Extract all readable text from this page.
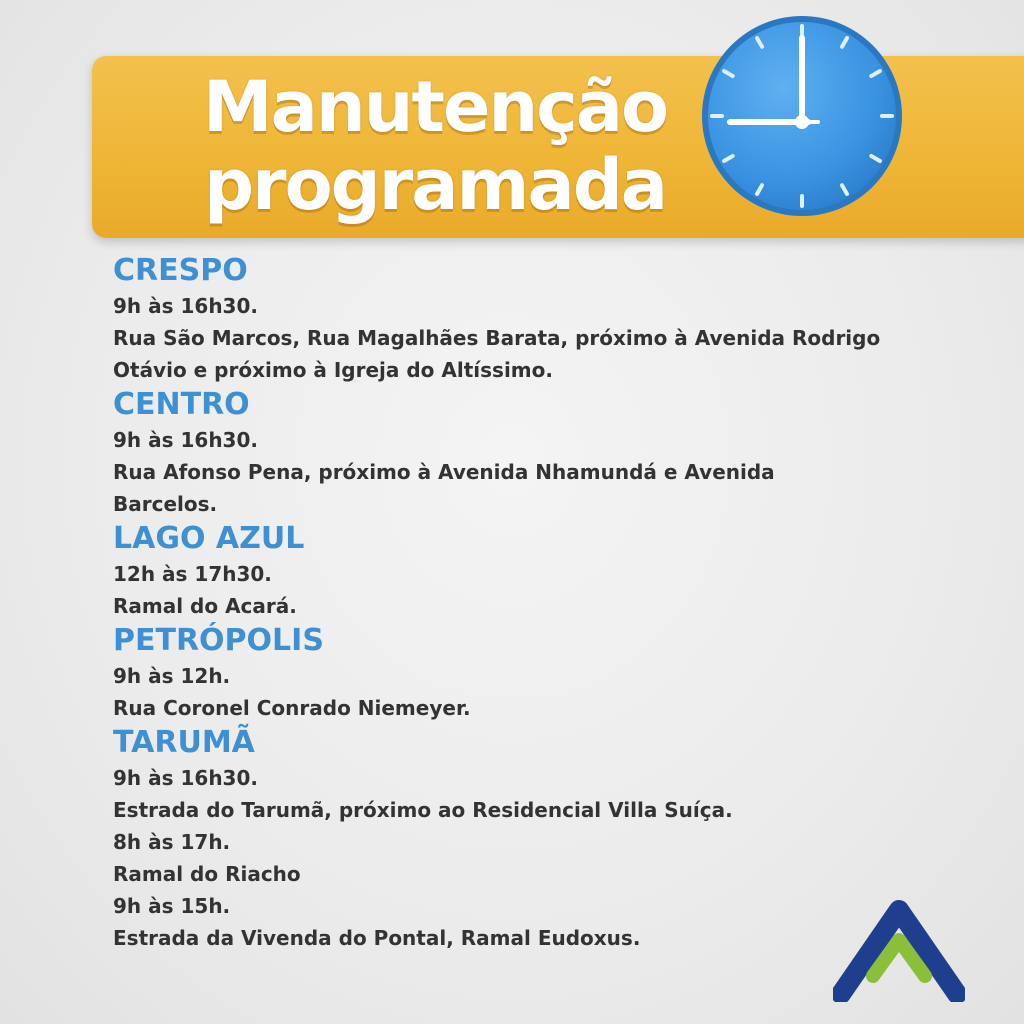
Manutenção
programada
CRESPO
9h às 16h30.
Rua São Marcos, Rua Magalhães Barata, próximo à Avenida Rodrigo
Otávio e próximo à Igreja do Altíssimo.
CENTRO
9h às 16h30.
Rua Afonso Pena, próximo à Avenida Nhamundá e Avenida
Barcelos.
LAGO AZUL
12h às 17h30.
Ramal do Acará.
PETRÓPOLIS
9h às 12h.
Rua Coronel Conrado Niemeyer.
TARUMÃ
9h às 16h30.
Estrada do Tarumã, próximo ao Residencial Villa Suíça.
8h às 17h.
Ramal do Riacho
9h às 15h.
Estrada da Vivenda do Pontal, Ramal Eudoxus.
